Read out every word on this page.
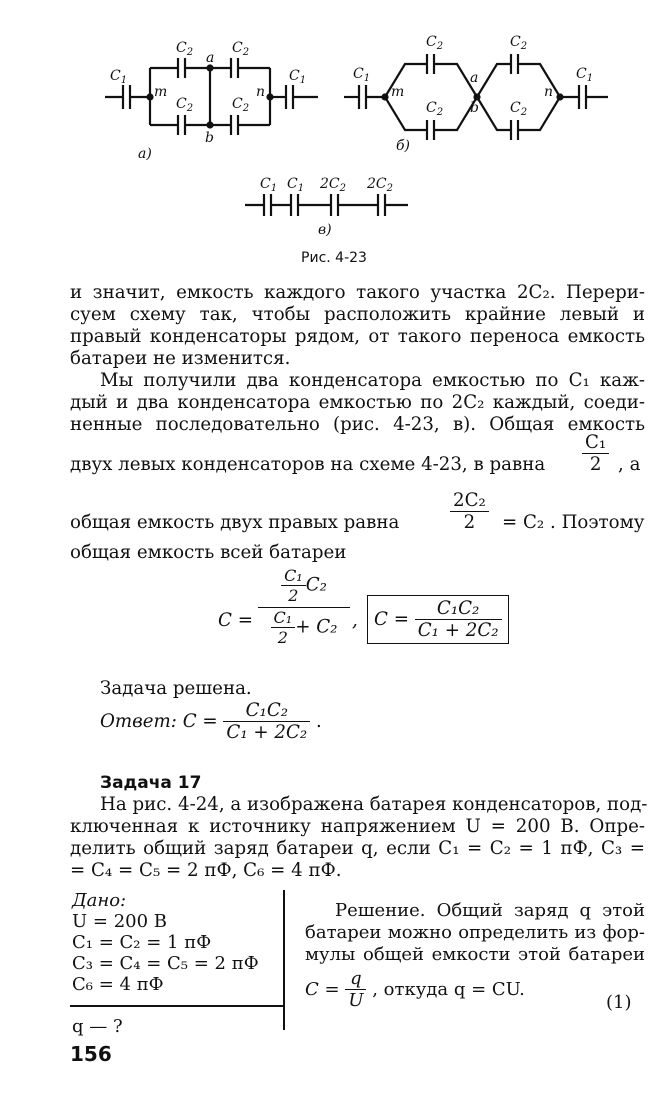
$C_1$
$C_2$	$C_2$
$C_2$	$C_2$
$C_1$
m	n
a
b
$C_1$
$C_2$
$C_2$
$C_2$
$C_2$
$C_1$
m	n
a
b
$C_1$ $C_1$ $2C_2$ $2C_2$
а)	б)
в)
Рис. 4-23
и значит, емкость каждого такого участка 2C₂. Перери-
суем схему так, чтобы расположить крайние левый и
правый конденсаторы рядом, от такого переноса емкость
батареи не изменится.
Мы получили два конденсатора емкостью по C₁ каж-
дый и два конденсатора емкостью по 2C₂ каждый, соеди-
ненные последовательно (рис. 4-23, в). Общая емкость
двух левых конденсаторов на схеме 4-23, в равна $\frac{\text{C₁}}{2}$ , а
общая емкость двух правых равна	$\frac{\text{2C₂}}{2} = C_2$ . Поэтому
общая емкость всей батареи
C =
$\frac{\text{C₁}}{2} C_2$
$\frac{\text{C₁}}{2} + C_2$ , $C = \frac{\text{C₁C₂}}{\text{C₁ + 2C₂}}$
Задача решена.
Ответ: $C = \frac{\text{C₁C₂}}{\text{C₁ + 2C₂}}$ .
Задача 17
На рис. 4-24, а изображена батарея конденсаторов, под-
ключенная к источнику напряжением U = 200 В. Опре-
делить общий заряд батареи q, если C₁ = C₂ = 1 пФ, C₃ =
= C₄ = C₅ = 2 пФ, C₆ = 4 пФ.
Дано:
U = 200 В
C₁ = C₂ = 1 пФ
C₃ = C₄ = C₅ = 2 пФ
C₆ = 4 пФ
q — ?
Решение. Общий заряд q этой
батареи можно определить из фор-
мулы общей емкости этой батареи
$C = \frac{q}{U}$ , откуда q = CU.
(1)
156
